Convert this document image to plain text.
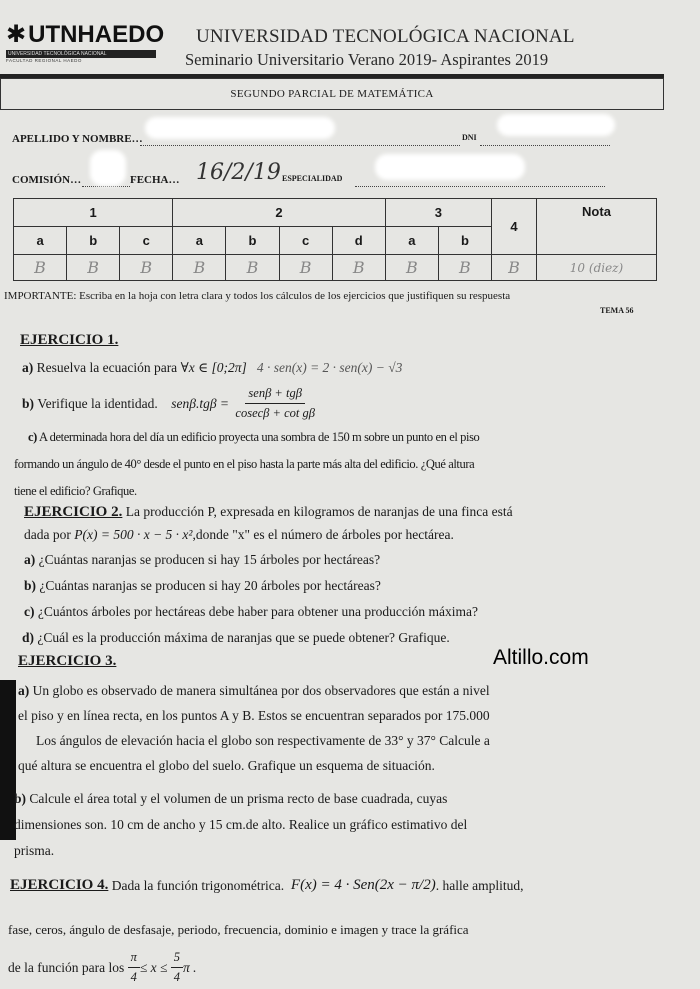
✱ UTNHAEDO
UNIVERSIDAD TECNOLÓGICA NACIONAL
FACULTAD REGIONAL HAEDO
UNIVERSIDAD TECNOLÓGICA NACIONAL
Seminario Universitario Verano 2019- Aspirantes 2019
SEGUNDO PARCIAL DE MATEMÁTICA
APELLIDO Y NOMBRE…	DNI
COMISIÓN…	FECHA… 16/2/19 ESPECIALIDAD
1			2				3		4	Nota

a	b	c	a	b	c	d	a	b		
B	B	B	B	B	B	B	B	B	B	10 (diez)
IMPORTANTE: Escriba en la hoja con letra clara y todos los cálculos de los ejercicios que justifiquen su respuesta
TEMA 56
EJERCICIO 1.
a) Resuelva la ecuación para ∀x ∈ [0;2π] 4 · sen(x) = 2 · sen(x) − √3
b)
Verifique la identidad.
senβ.tgβ =
$\frac{\text{senβ + tgβ}}{\text{cosecβ + cot gβ}}$
c) A determinada hora del día un edificio proyecta una sombra de 150 m sobre un punto en el piso
formando un ángulo de 40° desde el punto en el piso hasta la parte más alta del edificio. ¿Qué altura
tiene el edificio? Grafique.
EJERCICIO 2. La producción P, expresada en kilogramos de naranjas de una finca está
dada por P(x) = 500 · x − 5 · x²,donde "x" es el número de árboles por hectárea.
a) ¿Cuántas naranjas se producen si hay 15 árboles por hectáreas?
b) ¿Cuántas naranjas se producen si hay 20 árboles por hectáreas?
c) ¿Cuántos árboles por hectáreas debe haber para obtener una producción máxima?
d) ¿Cuál es la producción máxima de naranjas que se puede obtener? Grafique.
Altillo.com
EJERCICIO 3.
a) Un globo es observado de manera simultánea por dos observadores que están a nivel
el piso y en línea recta, en los puntos A y B. Estos se encuentran separados por 175.000
Los ángulos de elevación hacia el globo son respectivamente de 33° y 37° Calcule a
qué altura se encuentra el globo del suelo. Grafique un esquema de situación.
b) Calcule el área total y el volumen de un prisma recto de base cuadrada, cuyas
dimensiones son. 10 cm de ancho y 15 cm.de alto. Realice un gráfico estimativo del
prisma.
EJERCICIO 4.
Dada la función trigonométrica.
F(x) = 4 · Sen(2x − π/2) . halle amplitud,
fase, ceros, ángulo de desfasaje, periodo, frecuencia, dominio e imagen y trace la gráfica
de la función para los
$\frac{\pi}{4} \le x$ ≤
$\frac{5}{4}$ π .
